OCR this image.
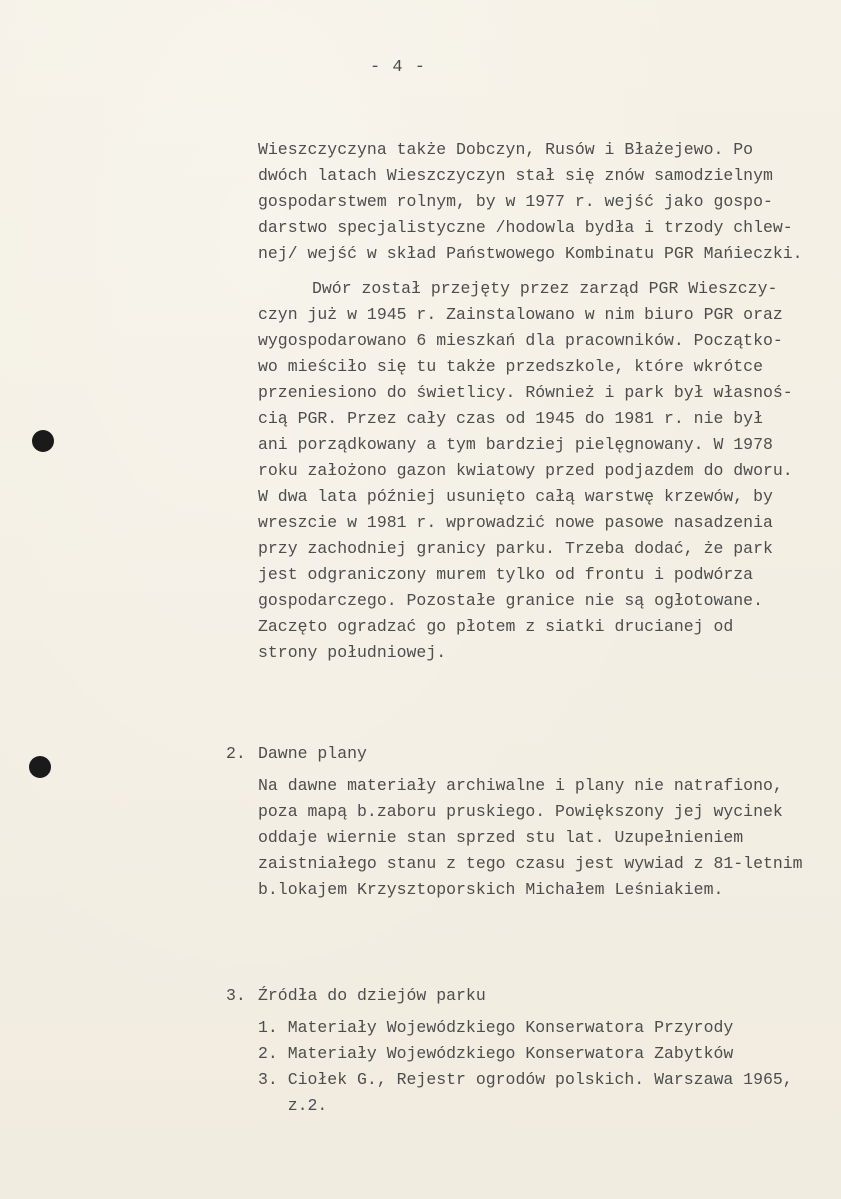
- 4 -
Wieszczyczyna także Dobczyn, Rusów i Błażejewo. Po
dwóch latach Wieszczyczyn stał się znów samodzielnym
gospodarstwem rolnym, by w 1977 r. wejść jako gospo-
darstwo specjalistyczne /hodowla bydła i trzody chlew-
nej/ wejść w skład Państwowego Kombinatu PGR Mańieczki.
Dwór został przejęty przez zarząd PGR Wieszczy-
czyn już w 1945 r. Zainstalowano w nim biuro PGR oraz
wygospodarowano 6 mieszkań dla pracowników. Początko-
wo mieściło się tu także przedszkole, które wkrótce
przeniesiono do świetlicy. Również i park był własnoś-
cią PGR. Przez cały czas od 1945 do 1981 r. nie był
ani porządkowany a tym bardziej pielęgnowany. W 1978
roku założono gazon kwiatowy przed podjazdem do dworu.
W dwa lata później usunięto całą warstwę krzewów, by
wreszcie w 1981 r. wprowadzić nowe pasowe nasadzenia
przy zachodniej granicy parku. Trzeba dodać, że park
jest odgraniczony murem tylko od frontu i podwórza
gospodarczego. Pozostałe granice nie są ogłotowane.
Zaczęto ogradzać go płotem z siatki drucianej od
strony południowej.
2. Dawne plany
Na dawne materiały archiwalne i plany nie natrafiono,
poza mapą b.zaboru pruskiego. Powiększony jej wycinek
oddaje wiernie stan sprzed stu lat. Uzupełnieniem
zaistniałego stanu z tego czasu jest wywiad z 81-letnim
b.lokajem Krzysztoporskich Michałem Leśniakiem.
3. Źródła do dziejów parku
1. Materiały Wojewódzkiego Konserwatora Przyrody
2. Materiały Wojewódzkiego Konserwatora Zabytków
3. Ciołek G., Rejestr ogrodów polskich. Warszawa 1965,
z.2.
